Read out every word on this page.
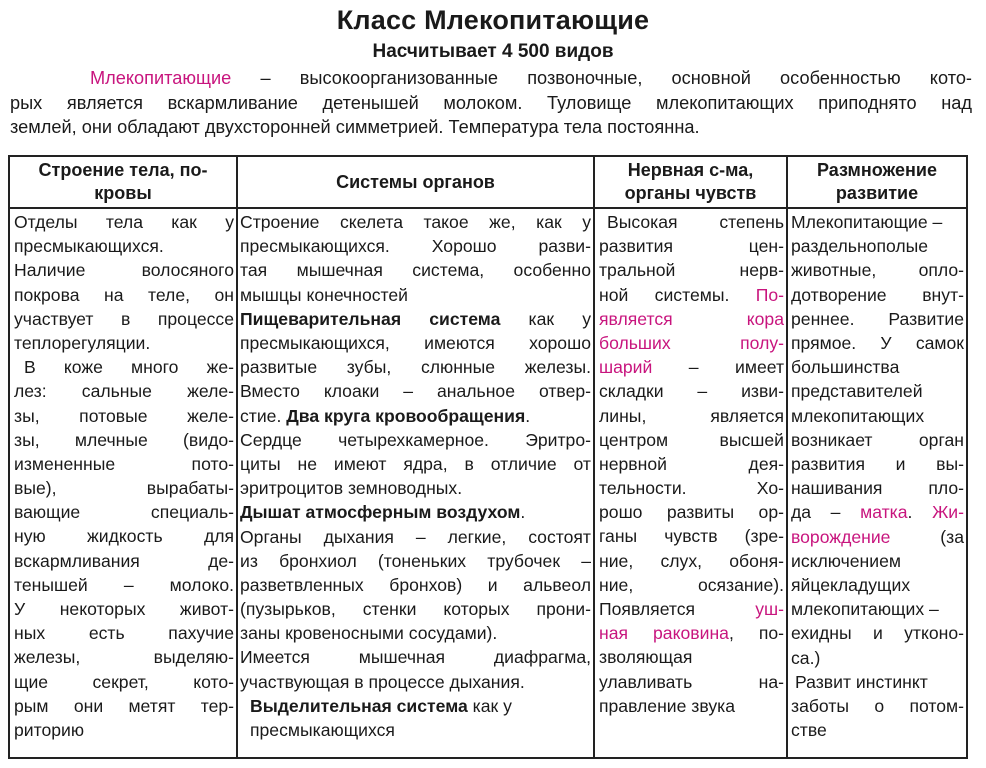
Класс Млекопитающие
Насчитывает 4 500 видов
Млекопитающие – высокоорганизованные позвоночные, основной особенностью кото-
рых является вскармливание детенышей молоком. Туловище млекопитающих приподнято над
землей, они обладают двухсторонней симметрией. Температура тела постоянна.
Строение тела, по-
кровы
Системы органов
Нервная с-ма,
органы чувств
Размножение
развитие
Отделы тела как у
пресмыкающихся.
Наличие волосяного
покрова на теле, он
участвует в процессе
теплорегуляции.
В коже много же-
лез: сальные желе-
зы, потовые желе-
зы, млечные (видо-
измененные пото-
вые), вырабаты-
вающие специаль-
ную жидкость для
вскармливания де-
тенышей – молоко.
У некоторых живот-
ных есть пахучие
железы, выделяю-
щие секрет, кото-
рым они метят тер-
риторию
Строение скелета такое же, как у
пресмыкающихся. Хорошо разви-
тая мышечная система, особенно
мышцы конечностей
Пищеварительная система как у
пресмыкающихся, имеются хорошо
развитые зубы, слюнные железы.
Вместо клоаки – анальное отвер-
стие. Два круга кровообращения.
Сердце четырехкамерное. Эритро-
циты не имеют ядра, в отличие от
эритроцитов земноводных.
Дышат атмосферным воздухом.
Органы дыхания – легкие, состоят
из бронхиол (тоненьких трубочек –
разветвленных бронхов) и альвеол
(пузырьков, стенки которых прони-
заны кровеносными сосудами).
Имеется мышечная диафрагма,
участвующая в процессе дыхания.
Выделительная система как у
пресмыкающихся
Высокая степень
развития цен-
тральной нерв-
ной системы. По-
является кора
больших полу-
шарий – имеет
складки – изви-
лины, является
центром высшей
нервной дея-
тельности. Хо-
рошо развиты ор-
ганы чувств (зре-
ние, слух, обоня-
ние, осязание).
Появляется уш-
ная раковина, по-
зволяющая
улавливать на-
правление звука
Млекопитающие –
раздельнополые
животные, опло-
дотворение внут-
реннее. Развитие
прямое. У самок
большинства
представителей
млекопитающих
возникает орган
развития и вы-
нашивания пло-
да – матка. Жи-
ворождение (за
исключением
яйцекладущих
млекопитающих –
ехидны и утконо-
са.)
Развит инстинкт
заботы о потом-
стве
